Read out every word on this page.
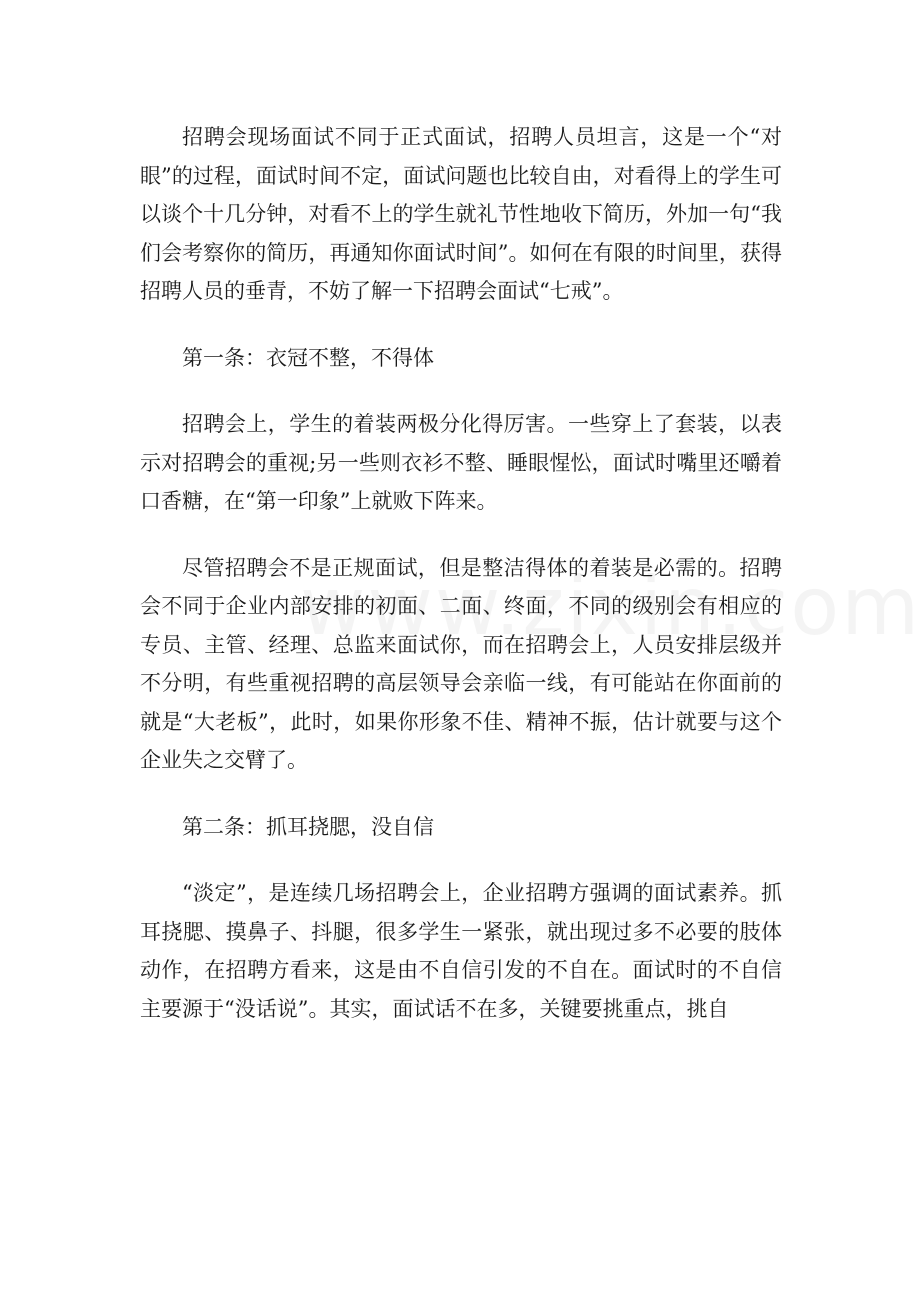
招聘会现场面试不同于正式面试，招聘人员坦言，这是一个“对眼”的过程，面试时间不定，面试问题也比较自由，对看得上的学生可以谈个十几分钟，对看不上的学生就礼节性地收下简历，外加一句“我们会考察你的简历，再通知你面试时间”。如何在有限的时间里，获得招聘人员的垂青，不妨了解一下招聘会面试“七戒”。

第一条：衣冠不整，不得体

招聘会上，学生的着装两极分化得厉害。一些穿上了套装，以表示对招聘会的重视;另一些则衣衫不整、睡眼惺忪，面试时嘴里还嚼着口香糖，在“第一印象”上就败下阵来。

尽管招聘会不是正规面试，但是整洁得体的着装是必需的。招聘会不同于企业内部安排的初面、二面、终面，不同的级别会有相应的专员、主管、经理、总监来面试你，而在招聘会上，人员安排层级并不分明，有些重视招聘的高层领导会亲临一线，有可能站在你面前的就是“大老板”，此时，如果你形象不佳、精神不振，估计就要与这个企业失之交臂了。

第二条：抓耳挠腮，没自信

“淡定”，是连续几场招聘会上，企业招聘方强调的面试素养。抓耳挠腮、摸鼻子、抖腿，很多学生一紧张，就出现过多不必要的肢体动作，在招聘方看来，这是由不自信引发的不自在。面试时的不自信主要源于“没话说”。其实，面试话不在多，关键要挑重点，挑自
